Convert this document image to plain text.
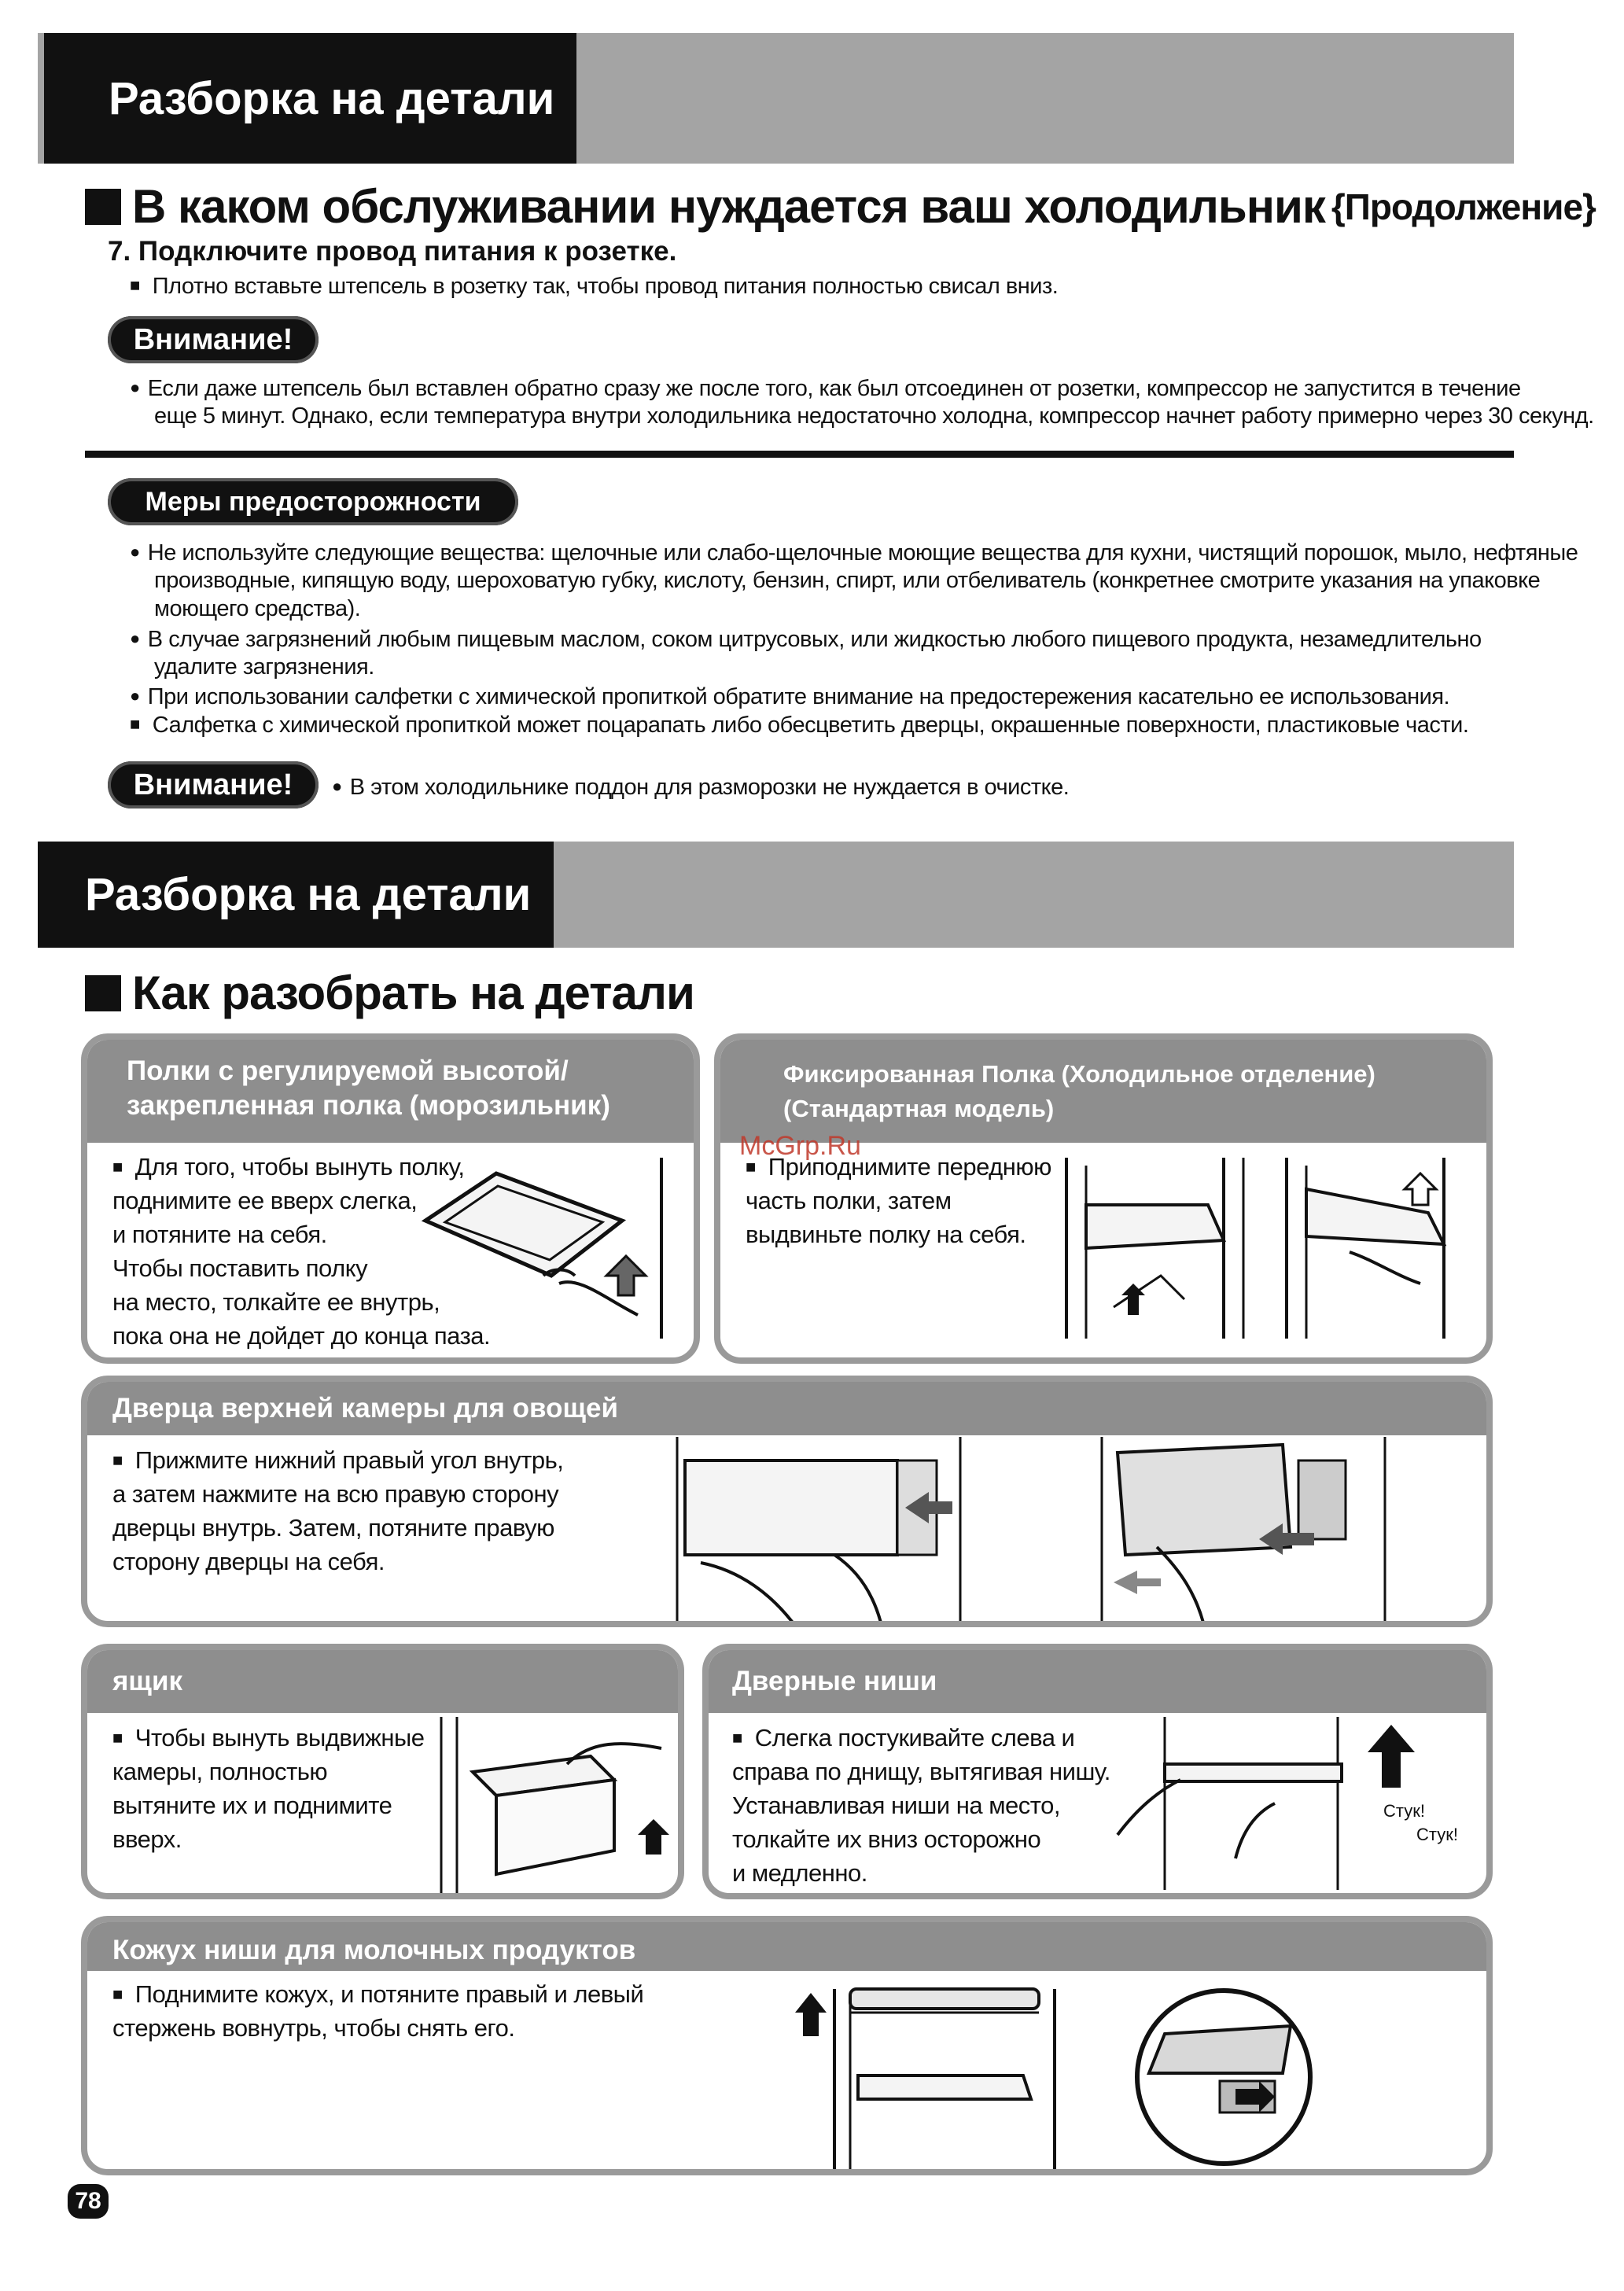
Разборка на детали
В каком обслуживании нуждается ваш холодильник {Продолжение}
7. Подключите провод питания к розетке.
■ Плотно вставьте штепсель в розетку так, чтобы провод питания полностью свисал вниз.
Внимание!
● Если даже штепсель был вставлен обратно сразу же после того, как был отсоединен от розетки, компрессор не запустится в течение
еще 5 минут. Однако, если температура внутри холодильника недостаточно холодна, компрессор начнет работу примерно через 30 секунд.
Меры предосторожности
● Не используйте следующие вещества: щелочные или слабо-щелочные моющие вещества для кухни, чистящий порошок, мыло, нефтяные
производные, кипящую воду, шероховатую губку, кислоту, бензин, спирт, или отбеливатель (конкретнее смотрите указания на упаковке
моющего средства).
● В случае загрязнений любым пищевым маслом, соком цитрусовых, или жидкостью любого пищевого продукта, незамедлительно
удалите загрязнения.
● При использовании салфетки с химической пропиткой обратите внимание на предостережения касательно ее использования.
■ Салфетка с химической пропиткой может поцарапать либо обесцветить дверцы, окрашенные поверхности, пластиковые части.
Внимание!
●	В этом холодильнике поддон для разморозки не нуждается в очистке.
Разборка на детали
Как разобрать на детали
Полки с регулируемой высотой/
закрепленная полка (морозильник)
■ Для того, чтобы вынуть полку,
поднимите ее вверх слегка,
и потяните на себя.
Чтобы поставить полку
на место, толкайте ее внутрь,
пока она не дойдет до конца паза.
Фиксированная Полка (Холодильное отделение)
(Стандартная модель)
■ Приподнимите переднюю
часть полки, затем
выдвиньте полку на себя.
Дверца верхней камеры для овощей
■ Прижмите нижний правый угол внутрь,
а затем нажмите на всю правую сторону
дверцы внутрь. Затем, потяните правую
сторону дверцы на себя.
ящик
■ Чтобы вынуть выдвижные
камеры, полностью
вытяните их и поднимите
вверх.
Дверные ниши
■ Слегка постукивайте слева и
справа по днищу, вытягивая нишу.
Устанавливая ниши на место,
толкайте их вниз осторожно
и медленно.
Стук!
Стук!
Кожух ниши для молочных продуктов
■ Поднимите кожух, и потяните правый и левый
стержень вовнутрь, чтобы снять его.
McGrp.Ru
78
